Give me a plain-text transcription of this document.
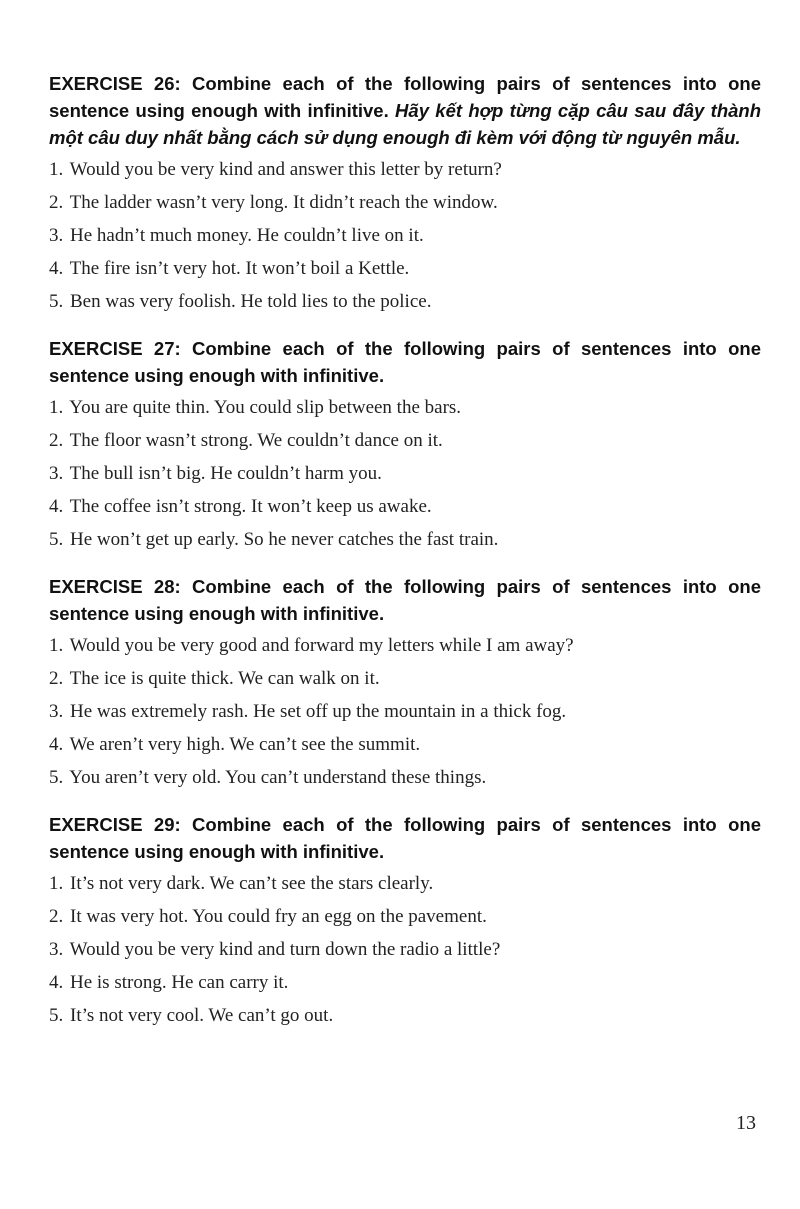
EXERCISE 26: Combine each of the following pairs of sentences into one sentence using enough with infinitive. Hãy kết hợp từng cặp câu sau đây thành một câu duy nhất bằng cách sử dụng enough đi kèm với động từ nguyên mẫu.

1. Would you be very kind and answer this letter by return?
2. The ladder wasn’t very long. It didn’t reach the window.
3. He hadn’t much money. He couldn’t live on it.
4. The fire isn’t very hot. It won’t boil a Kettle.
5. Ben was very foolish. He told lies to the police.

EXERCISE 27: Combine each of the following pairs of sentences into one sentence using enough with infinitive.

1. You are quite thin. You could slip between the bars.
2. The floor wasn’t strong. We couldn’t dance on it.
3. The bull isn’t big. He couldn’t harm you.
4. The coffee isn’t strong. It won’t keep us awake.
5. He won’t get up early. So he never catches the fast train.

EXERCISE 28: Combine each of the following pairs of sentences into one sentence using enough with infinitive.

1. Would you be very good and forward my letters while I am away?
2. The ice is quite thick. We can walk on it.
3. He was extremely rash. He set off up the mountain in a thick fog.
4. We aren’t very high. We can’t see the summit.
5. You aren’t very old. You can’t understand these things.

EXERCISE 29: Combine each of the following pairs of sentences into one sentence using enough with infinitive.

1. It’s not very dark. We can’t see the stars clearly.
2. It was very hot. You could fry an egg on the pavement.
3. Would you be very kind and turn down the radio a little?
4. He is strong. He can carry it.
5. It’s not very cool. We can’t go out.
13
